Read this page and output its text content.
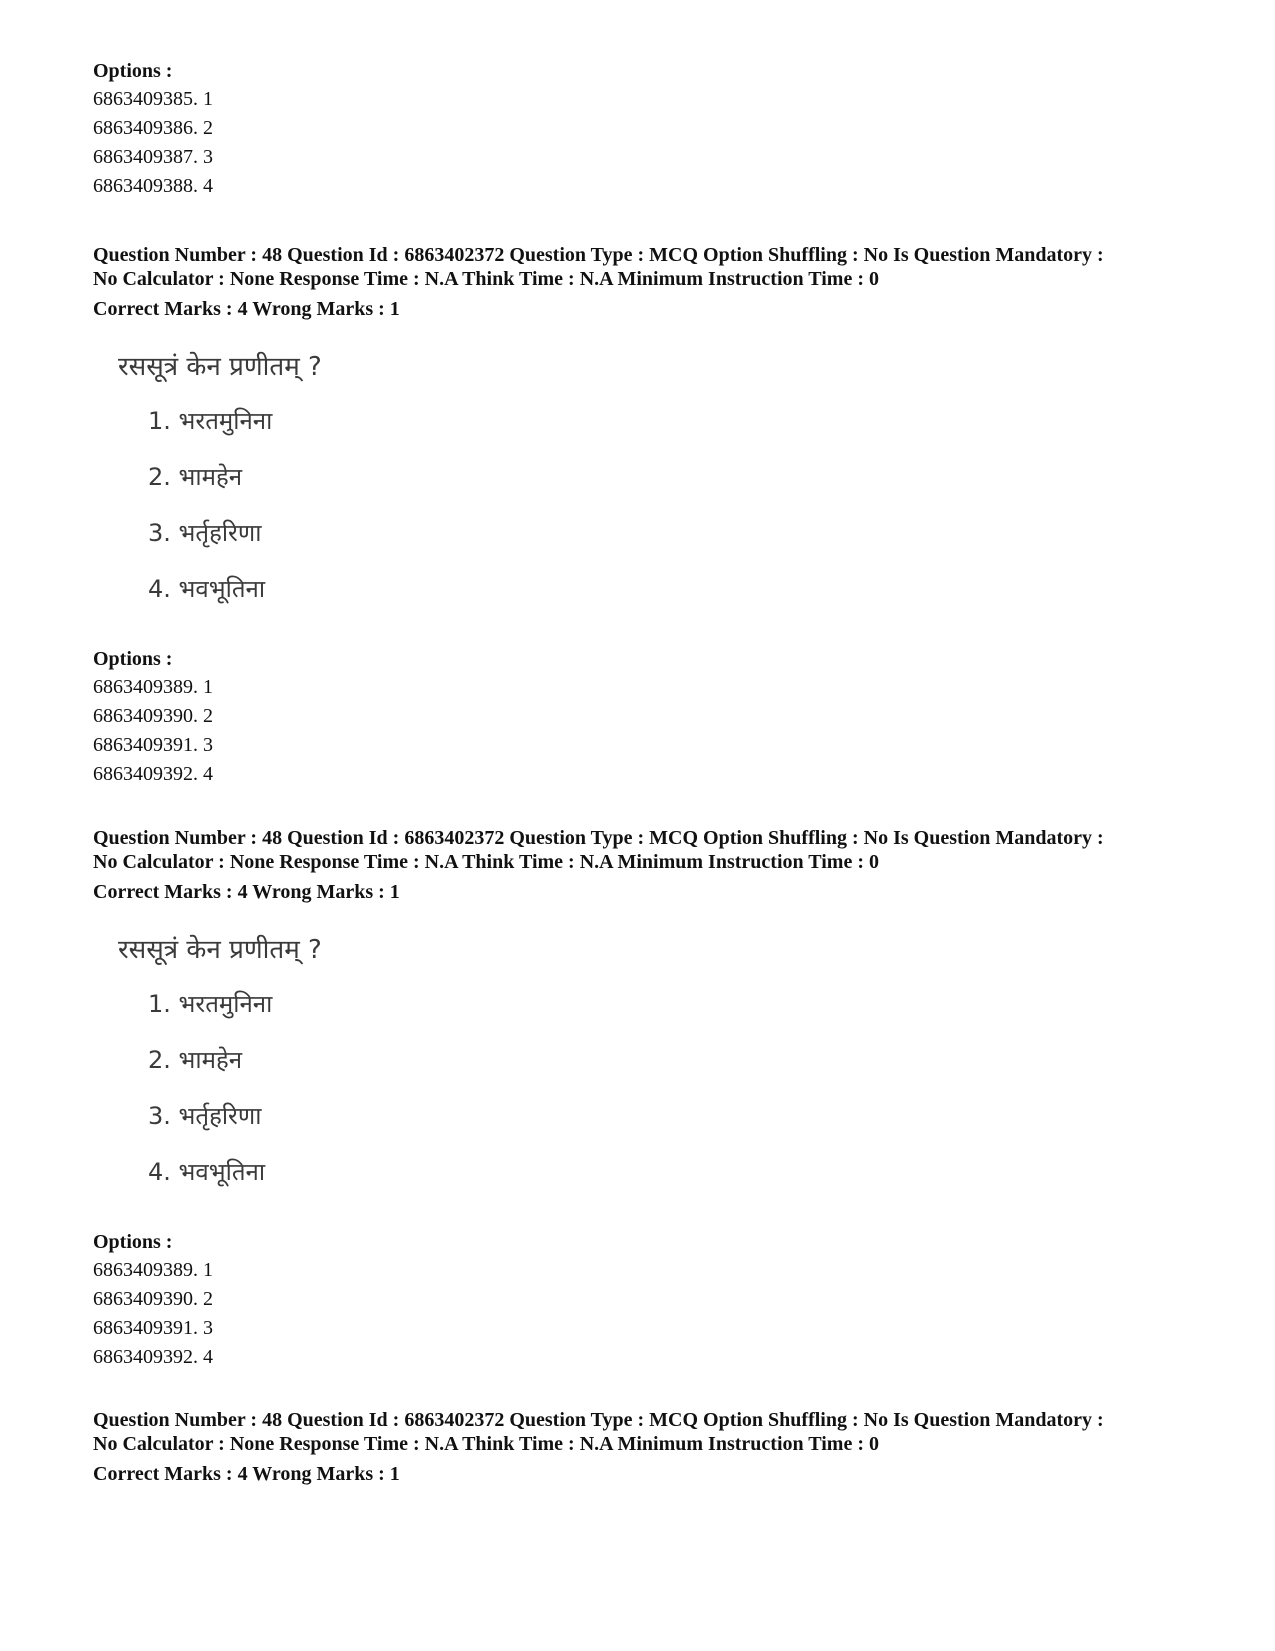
Options :

6863409385. 1

6863409386. 2

6863409387. 3

6863409388. 4

Question Number : 48 Question Id : 6863402372 Question Type : MCQ Option Shuffling : No Is Question Mandatory :

No Calculator : None Response Time : N.A Think Time : N.A Minimum Instruction Time : 0

Correct Marks : 4 Wrong Marks : 1

रससूत्रं केन प्रणीतम् ?

1. भरतमुनिना

2. भामहेन

3. भर्तृहरिणा

4. भवभूतिना

Options :

6863409389. 1

6863409390. 2

6863409391. 3

6863409392. 4

Question Number : 48 Question Id : 6863402372 Question Type : MCQ Option Shuffling : No Is Question Mandatory :

No Calculator : None Response Time : N.A Think Time : N.A Minimum Instruction Time : 0

Correct Marks : 4 Wrong Marks : 1

रससूत्रं केन प्रणीतम् ?

1. भरतमुनिना

2. भामहेन

3. भर्तृहरिणा

4. भवभूतिना

Options :

6863409389. 1

6863409390. 2

6863409391. 3

6863409392. 4

Question Number : 48 Question Id : 6863402372 Question Type : MCQ Option Shuffling : No Is Question Mandatory :

No Calculator : None Response Time : N.A Think Time : N.A Minimum Instruction Time : 0

Correct Marks : 4 Wrong Marks : 1
